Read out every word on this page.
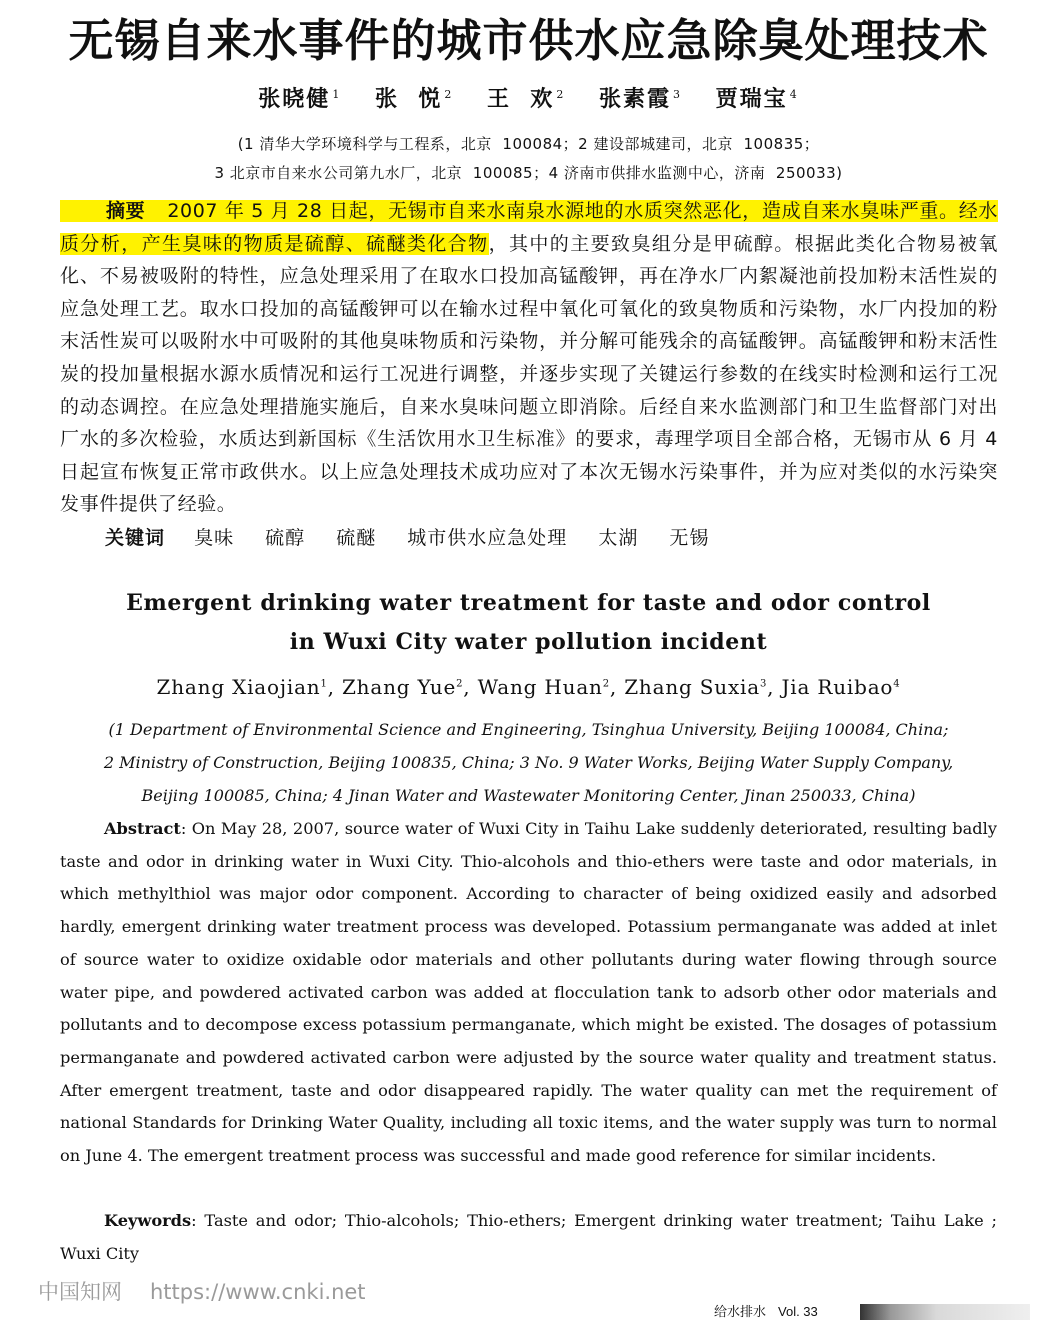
无锡自来水事件的城市供水应急除臭处理技术
张晓健 $^1$ 张  悦 $^2$ 王  欢 $^2$ 张素霞 $^3$ 贾瑞宝 $^4$
(1 清华大学环境科学与工程系，北京  100084；2 建设部城建司，北京  100835；
3 北京市自来水公司第九水厂，北京  100085；4 济南市供排水监测中心，济南  250033)
摘要 2007 年 5 月 28 日起，无锡市自来水南泉水源地的水质突然恶化，造成自来水臭味严重。经水质分析，产生臭味的物质是硫醇、硫醚类化合物，其中的主要致臭组分是甲硫醇。根据此类化合物易被氧化、不易被吸附的特性，应急处理采用了在取水口投加高锰酸钾，再在净水厂内絮凝池前投加粉末活性炭的应急处理工艺。取水口投加的高锰酸钾可以在输水过程中氧化可氧化的致臭物质和污染物，水厂内投加的粉末活性炭可以吸附水中可吸附的其他臭味物质和污染物，并分解可能残余的高锰酸钾。高锰酸钾和粉末活性炭的投加量根据水源水质情况和运行工况进行调整，并逐步实现了关键运行参数的在线实时检测和运行工况的动态调控。在应急处理措施实施后，自来水臭味问题立即消除。后经自来水监测部门和卫生监督部门对出厂水的多次检验，水质达到新国标《生活饮用水卫生标准》的要求，毒理学项目全部合格，无锡市从 6 月 4 日起宣布恢复正常市政供水。以上应急处理技术成功应对了本次无锡水污染事件，并为应对类似的水污染突发事件提供了经验。
关键词 臭味 硫醇 硫醚 城市供水应急处理 太湖 无锡
Emergent drinking water treatment for taste and odor control
in Wuxi City water pollution incident
Zhang Xiaojian$^1$, Zhang Yue$^2$, Wang Huan$^2$, Zhang Suxia$^3$, Jia Ruibao$^4$
(1 Department of Environmental Science and Engineering, Tsinghua University, Beijing 100084, China;
2 Ministry of Construction, Beijing 100835, China; 3 No. 9 Water Works, Beijing Water Supply Company,
Beijing 100085, China; 4 Jinan Water and Wastewater Monitoring Center, Jinan 250033, China)
Abstract: On May 28, 2007, source water of Wuxi City in Taihu Lake suddenly deteriorated, resulting badly taste and odor in drinking water in Wuxi City. Thio-alcohols and thio-ethers were taste and odor materials, in which methylthiol was major odor component. According to character of being oxidized easily and adsorbed hardly, emergent drinking water treatment process was developed. Potassium permanganate was added at inlet of source water to oxidize oxidable odor materials and other pollutants during water flowing through source water pipe, and powdered activated carbon was added at flocculation tank to adsorb other odor materials and pollutants and to decompose excess potassium permanganate, which might be existed. The dosages of potassium permanganate and powdered activated carbon were adjusted by the source water quality and treatment status. After emergent treatment, taste and odor disappeared rapidly. The water quality can met the requirement of national Standards for Drinking Water Quality, including all toxic items, and the water supply was turn to normal on June 4. The emergent treatment process was successful and made good reference for similar incidents.
Keywords: Taste and odor; Thio-alcohols; Thio-ethers; Emergent drinking water treatment; Taihu Lake ; Wuxi City
中国知网 https://www.cnki.net
给水排水 Vol. 33
